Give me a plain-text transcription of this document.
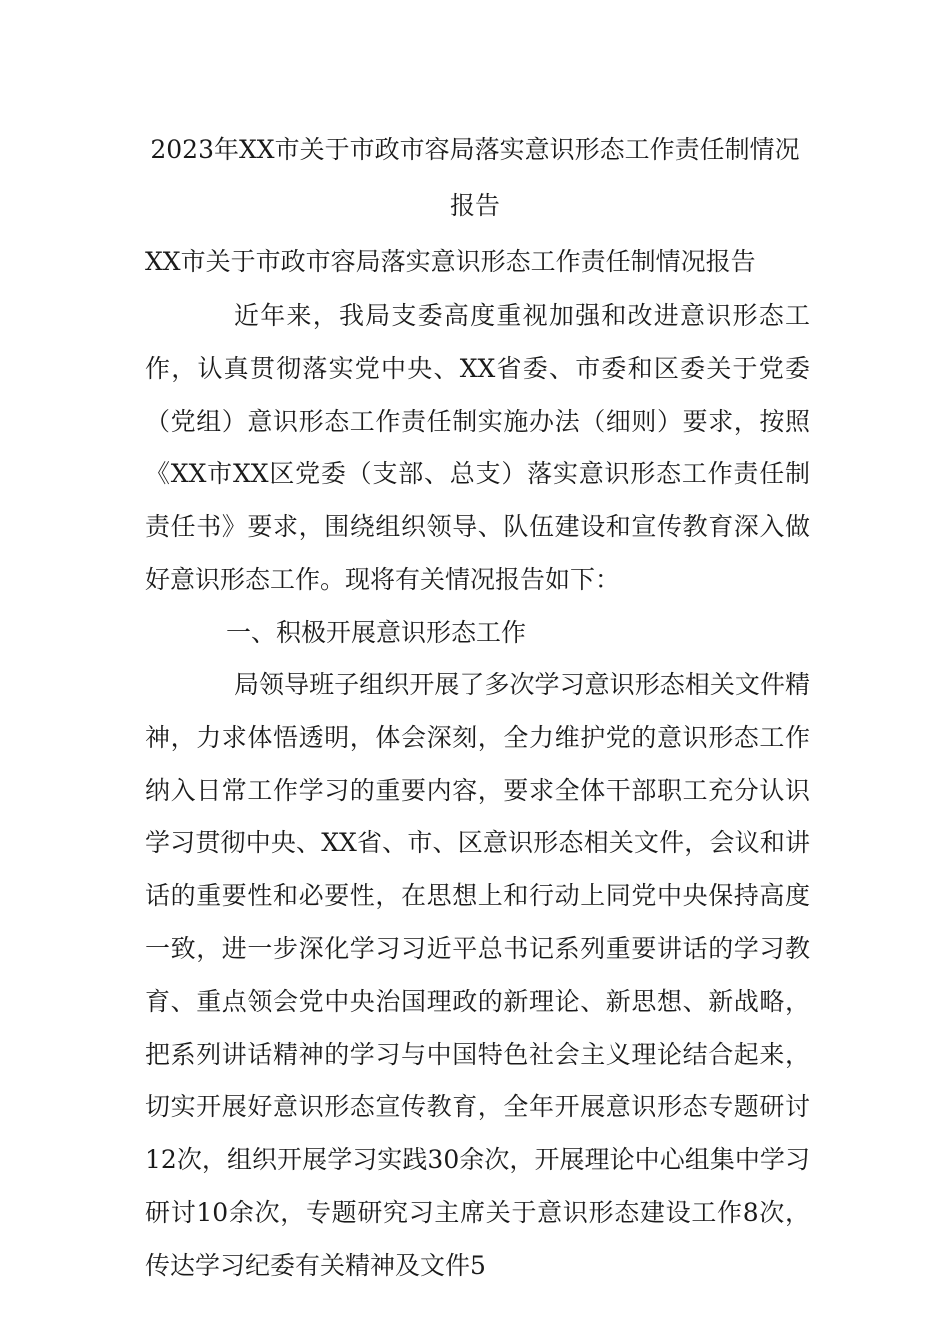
2023年XX市关于市政市容局落实意识形态工作责任制情况报告

XX市关于市政市容局落实意识形态工作责任制情况报告

近年来，我局支委高度重视加强和改进意识形态工作，认真贯彻落实党中央、XX省委、市委和区委关于党委（党组）意识形态工作责任制实施办法（细则）要求，按照《XX市XX区党委（支部、总支）落实意识形态工作责任制责任书》要求，围绕组织领导、队伍建设和宣传教育深入做好意识形态工作。现将有关情况报告如下：

一、积极开展意识形态工作

局领导班子组织开展了多次学习意识形态相关文件精神，力求体悟透明，体会深刻，全力维护党的意识形态工作纳入日常工作学习的重要内容，要求全体干部职工充分认识学习贯彻中央、XX省、市、区意识形态相关文件，会议和讲话的重要性和必要性，在思想上和行动上同党中央保持高度一致，进一步深化学习习近平总书记系列重要讲话的学习教育、重点领会党中央治国理政的新理论、新思想、新战略，把系列讲话精神的学习与中国特色社会主义理论结合起来，切实开展好意识形态宣传教育，全年开展意识形态专题研讨12次，组织开展学习实践30余次，开展理论中心组集中学习研讨10余次，专题研究习主席关于意识形态建设工作8次，传达学习纪委有关精神及文件5
